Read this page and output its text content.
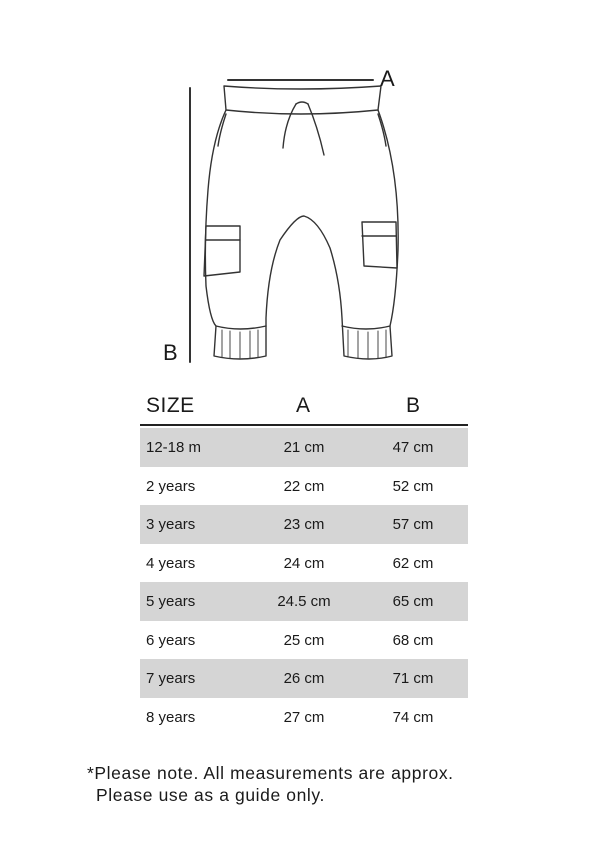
A
B
SIZE	A	B
12-18 m	21 cm	47 cm
2 years	22 cm	52 cm
3 years	23 cm	57 cm
4 years	24 cm	62 cm
5 years	24.5 cm	65 cm
6 years	25 cm	68 cm
7 years	26 cm	71 cm
8 years	27 cm	74 cm
*Please note. All measurements are approx.
Please use as a guide only.
